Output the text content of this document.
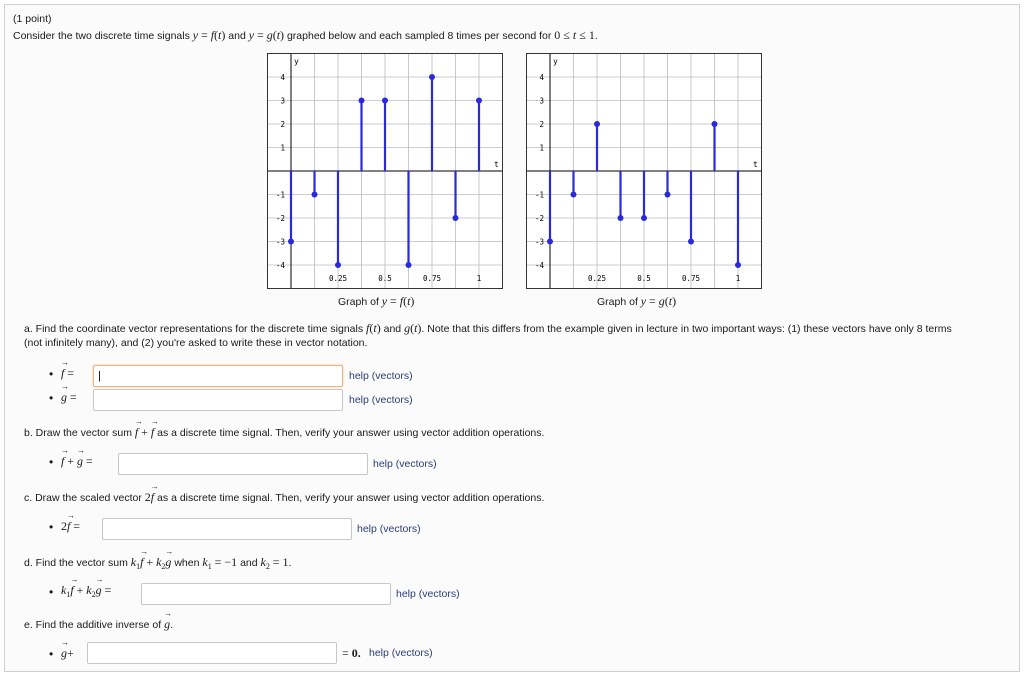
(1 point)
Consider the two discrete time signals y = f(t) and y = g(t) graphed below and each sampled 8 times per second for 0 ≤ t ≤ 1.
4
3
2
1
-1
-2
-3
-4
0.25	0.5	0.75	1
y
t
Graph of y = f(t)
4
3
2
1
-1
-2
-3
-4
0.25	0.5	0.75	1
y
t
Graph of y = g(t)
a. Find the coordinate vector representations for the discrete time signals f(t) and g(t). Note that this differs from the example given in lecture in two important ways: (1) these vectors have only 8 terms
(not infinitely many), and (2) you're asked to write these in vector notation.
• → f =
|	help (vectors)
• → g =	help (vectors)
b. Draw the vector sum → f + → f as a discrete time signal. Then, verify your answer using vector addition operations.
• → f + → g =	help (vectors)
c. Draw the scaled vector 2→ f as a discrete time signal. Then, verify your answer using vector addition operations.
• 2→ f =	help (vectors)
d. Find the vector sum $k_1\to f + k_2\to g$ when $k_1 = -1$ and $k_2 = 1$.
• $k_1\to f + k_2\to g$ =	help (vectors)
e. Find the additive inverse of → g.
• → g+	= 0. help (vectors)
